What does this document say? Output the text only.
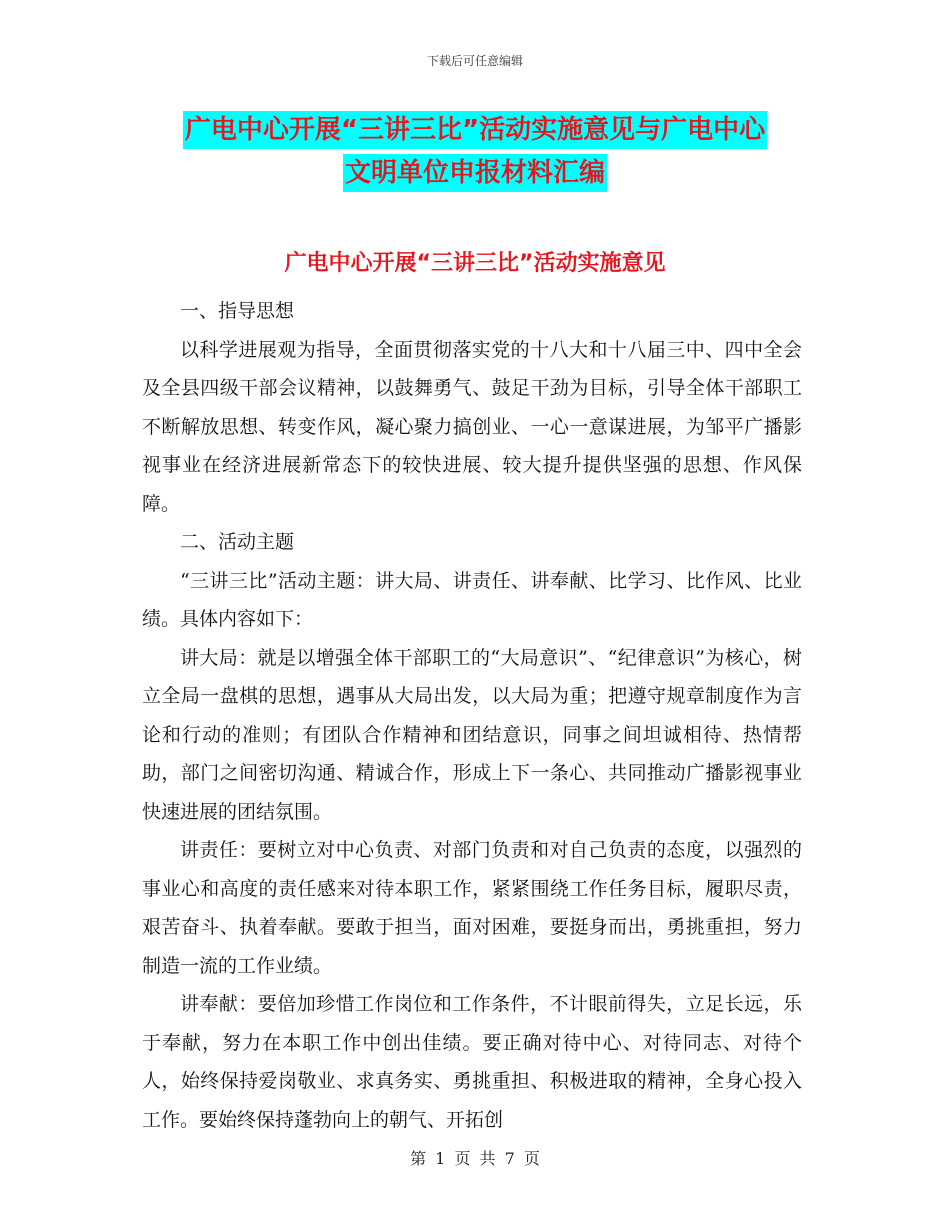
下载后可任意编辑
广电中心开展“三讲三比”活动实施意见与广电中心
文明单位申报材料汇编
广电中心开展“三讲三比”活动实施意见

一、指导思想

以科学进展观为指导，全面贯彻落实党的十八大和十八届三中、四中全会及全县四级干部会议精神，以鼓舞勇气、鼓足干劲为目标，引导全体干部职工不断解放思想、转变作风，凝心聚力搞创业、一心一意谋进展，为邹平广播影视事业在经济进展新常态下的较快进展、较大提升提供坚强的思想、作风保障。

二、活动主题

“三讲三比”活动主题：讲大局、讲责任、讲奉献、比学习、比作风、比业绩。具体内容如下：

讲大局：就是以增强全体干部职工的“大局意识”、“纪律意识”为核心，树立全局一盘棋的思想，遇事从大局出发，以大局为重；把遵守规章制度作为言论和行动的准则；有团队合作精神和团结意识，同事之间坦诚相待、热情帮助，部门之间密切沟通、精诚合作，形成上下一条心、共同推动广播影视事业快速进展的团结氛围。

讲责任：要树立对中心负责、对部门负责和对自己负责的态度，以强烈的事业心和高度的责任感来对待本职工作，紧紧围绕工作任务目标，履职尽责，艰苦奋斗、执着奉献。要敢于担当，面对困难，要挺身而出，勇挑重担，努力制造一流的工作业绩。

讲奉献：要倍加珍惜工作岗位和工作条件，不计眼前得失，立足长远，乐于奉献，努力在本职工作中创出佳绩。要正确对待中心、对待同志、对待个人，始终保持爱岗敬业、求真务实、勇挑重担、积极进取的精神，全身心投入工作。要始终保持蓬勃向上的朝气、开拓创

第 1 页 共 7 页
